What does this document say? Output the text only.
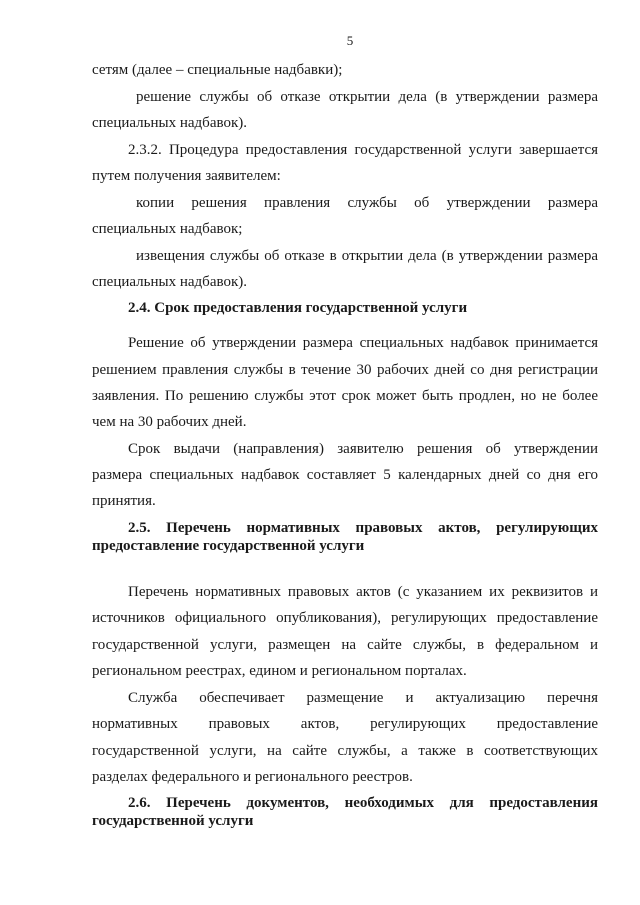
5
сетям (далее – специальные надбавки);
решение службы об отказе открытии дела (в утверждении размера
специальных надбавок).
2.3.2. Процедура предоставления государственной услуги завершается
путем получения заявителем:
копии решения правления службы об утверждении размера
специальных надбавок;
извещения службы об отказе в открытии дела (в утверждении размера
специальных надбавок).
2.4. Срок предоставления государственной услуги
Решение об утверждении размера специальных надбавок принимается
решением правления службы в течение 30 рабочих дней со дня регистрации
заявления. По решению службы этот срок может быть продлен, но не более
чем на 30 рабочих дней.
Срок выдачи (направления) заявителю решения об утверждении
размера специальных надбавок составляет 5 календарных дней со дня его
принятия.
2.5. Перечень нормативных правовых актов, регулирующих
предоставление государственной услуги
Перечень нормативных правовых актов (с указанием их реквизитов и
источников официального опубликования), регулирующих предоставление
государственной услуги, размещен на сайте службы, в федеральном и
региональном реестрах, едином и региональном порталах.
Служба обеспечивает размещение и актуализацию перечня
нормативных правовых актов, регулирующих предоставление
государственной услуги, на сайте службы, а также в соответствующих
разделах федерального и регионального реестров.
2.6. Перечень документов, необходимых для предоставления
государственной услуги
